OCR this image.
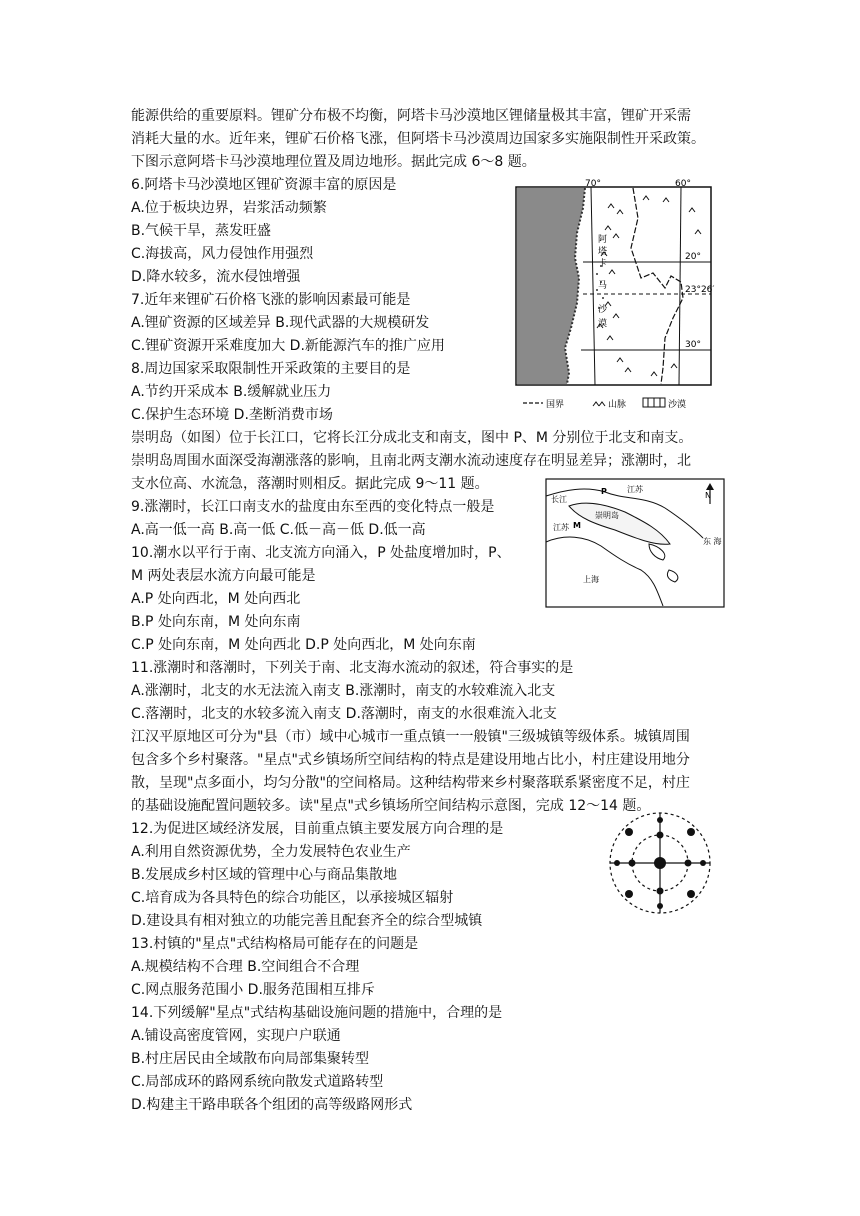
能源供给的重要原料。锂矿分布极不均衡，阿塔卡马沙漠地区锂储量极其丰富，锂矿开采需
消耗大量的水。近年来，锂矿石价格飞涨，但阿塔卡马沙漠周边国家多实施限制性开采政策。
下图示意阿塔卡马沙漠地理位置及周边地形。据此完成 6～8 题。
6.阿塔卡马沙漠地区锂矿资源丰富的原因是
A.位于板块边界，岩浆活动频繁
B.气候干旱，蒸发旺盛
C.海拔高，风力侵蚀作用强烈
D.降水较多，流水侵蚀增强
7.近年来锂矿石价格飞涨的影响因素最可能是
A.锂矿资源的区域差异 B.现代武器的大规模研发
C.锂矿资源开采难度加大 D.新能源汽车的推广应用
8.周边国家采取限制性开采政策的主要目的是
A.节约开采成本 B.缓解就业压力
C.保护生态环境 D.垄断消费市场
崇明岛（如图）位于长江口，它将长江分成北支和南支，图中 P、M 分别位于北支和南支。
崇明岛周围水面深受海潮涨落的影响，且南北两支潮水流动速度存在明显差异；涨潮时，北
支水位高、水流急，落潮时则相反。据此完成 9～11 题。
9.涨潮时，长江口南支水的盐度由东至西的变化特点一般是
A.高一低一高 B.高一低 C.低－高－低 D.低一高
10.潮水以平行于南、北支流方向涌入，P 处盐度增加时，P、
M 两处表层水流方向最可能是
A.P 处向西北，M 处向西北
B.P 处向东南，M 处向东南
C.P 处向东南，M 处向西北 D.P 处向西北，M 处向东南
11.涨潮时和落潮时，下列关于南、北支海水流动的叙述，符合事实的是
A.涨潮时，北支的水无法流入南支 B.涨潮时，南支的水较难流入北支
C.落潮时，北支的水较多流入南支 D.落潮时，南支的水很难流入北支
江汉平原地区可分为"县（市）域中心城市一重点镇一一般镇"三级城镇等级体系。城镇周围
包含多个乡村聚落。"星点"式乡镇场所空间结构的特点是建设用地占比小，村庄建设用地分
散，呈现"点多面小，均匀分散"的空间格局。这种结构带来乡村聚落联系紧密度不足，村庄
的基础设施配置问题较多。读"星点"式乡镇场所空间结构示意图，完成 12～14 题。
12.为促进区域经济发展，目前重点镇主要发展方向合理的是
A.利用自然资源优势，全力发展特色农业生产
B.发展成乡村区域的管理中心与商品集散地
C.培育成为各具特色的综合功能区，以承接城区辐射
D.建设具有相对独立的功能完善且配套齐全的综合型城镇
13.村镇的"星点"式结构格局可能存在的问题是
A.规模结构不合理 B.空间组合不合理
C.网点服务范围小 D.服务范围相互排斥
14.下列缓解"星点"式结构基础设施问题的措施中，合理的是
A.铺设高密度管网，实现户户联通
B.村庄居民由全域散布向局部集聚转型
C.局部成环的路网系统向散发式道路转型
D.构建主干路串联各个组团的高等级路网形式
70°	60°
20°
23°26′
30°
阿
塔
卡
马
沙
漠
国界	山脉	沙漠
N
江苏
长江
P
M
江苏
崇明岛
上海
东 海
